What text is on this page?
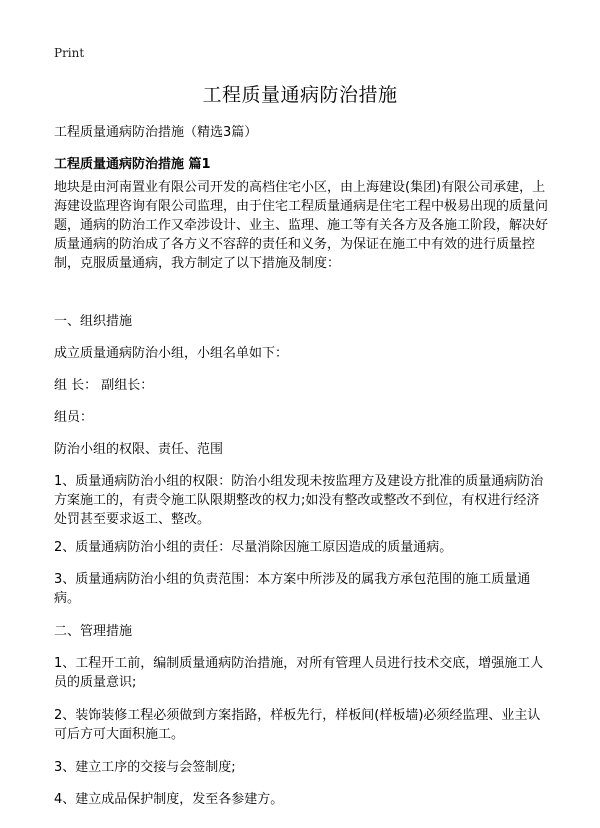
Print
工程质量通病防治措施
工程质量通病防治措施（精选3篇）
工程质量通病防治措施 篇1

地块是由河南置业有限公司开发的高档住宅小区，由上海建设(集团)有限公司承建，上海建设监理咨询有限公司监理，由于住宅工程质量通病是住宅工程中极易出现的质量问题，通病的防治工作又牵涉设计、业主、监理、施工等有关各方及各施工阶段，解决好质量通病的防治成了各方义不容辞的责任和义务，为保证在施工中有效的进行质量控制，克服质量通病，我方制定了以下措施及制度：

一、组织措施

成立质量通病防治小组，小组名单如下：

组 长： 副组长：

组员：

防治小组的权限、责任、范围

1、质量通病防治小组的权限：防治小组发现未按监理方及建设方批准的质量通病防治方案施工的，有责令施工队限期整改的权力;如没有整改或整改不到位，有权进行经济处罚甚至要求返工、整改。

2、质量通病防治小组的责任：尽量消除因施工原因造成的质量通病。

3、质量通病防治小组的负责范围：本方案中所涉及的属我方承包范围的施工质量通病。

二、管理措施

1、工程开工前，编制质量通病防治措施，对所有管理人员进行技术交底，增强施工人员的质量意识;

2、装饰装修工程必须做到方案指路，样板先行，样板间(样板墙)必须经监理、业主认可后方可大面积施工。

3、建立工序的交接与会签制度;

4、建立成品保护制度，发至各参建方。
